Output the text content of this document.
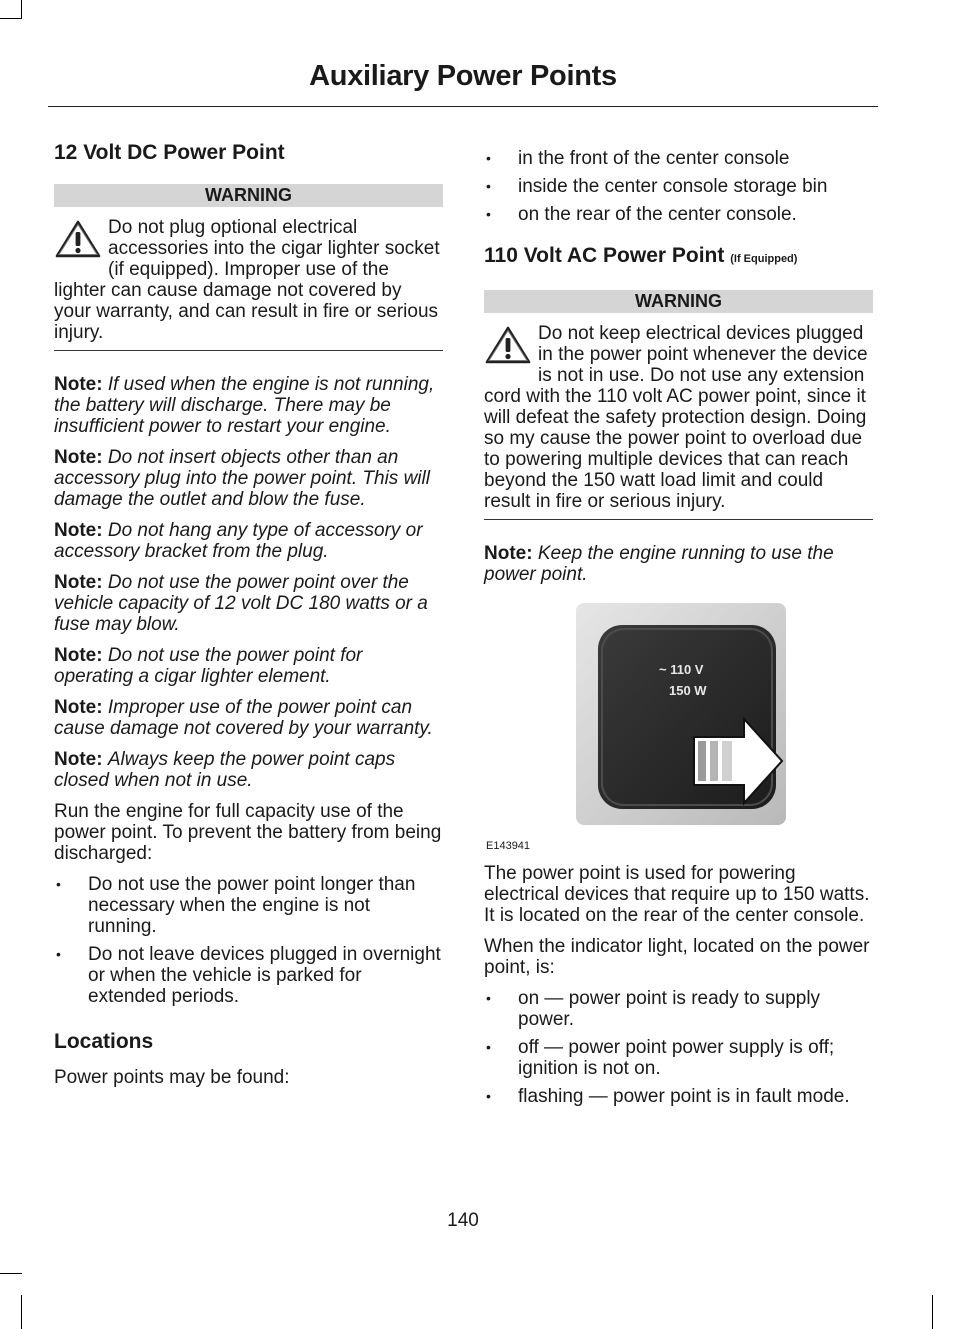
Auxiliary Power Points
12 Volt DC Power Point
WARNING
Do not plug optional electrical accessories into the cigar lighter socket (if equipped). Improper use of the lighter can cause damage not covered by your warranty, and can result in fire or serious injury.

Note: If used when the engine is not running, the battery will discharge. There may be insufficient power to restart your engine.

Note: Do not insert objects other than an accessory plug into the power point. This will damage the outlet and blow the fuse.

Note: Do not hang any type of accessory or accessory bracket from the plug.

Note: Do not use the power point over the vehicle capacity of 12 volt DC 180 watts or a fuse may blow.

Note: Do not use the power point for operating a cigar lighter element.

Note: Improper use of the power point can cause damage not covered by your warranty.

Note: Always keep the power point caps closed when not in use.

Run the engine for full capacity use of the power point. To prevent the battery from being discharged:

• Do not use the power point longer than necessary when the engine is not running.
• Do not leave devices plugged in overnight or when the vehicle is parked for extended periods.
Locations

Power points may be found:

• in the front of the center console
• inside the center console storage bin
• on the rear of the center console.
110 Volt AC Power Point (If Equipped)
WARNING
Do not keep electrical devices plugged in the power point whenever the device is not in use. Do not use any extension cord with the 110 volt AC power point, since it will defeat the safety protection design. Doing so my cause the power point to overload due to powering multiple devices that can reach beyond the 150 watt load limit and could result in fire or serious injury.

Note: Keep the engine running to use the power point.

~ 110 V
150 W
E143941

The power point is used for powering electrical devices that require up to 150 watts. It is located on the rear of the center console.

When the indicator light, located on the power point, is:

• on — power point is ready to supply power.
• off — power point power supply is off; ignition is not on.
• flashing — power point is in fault mode.
140
